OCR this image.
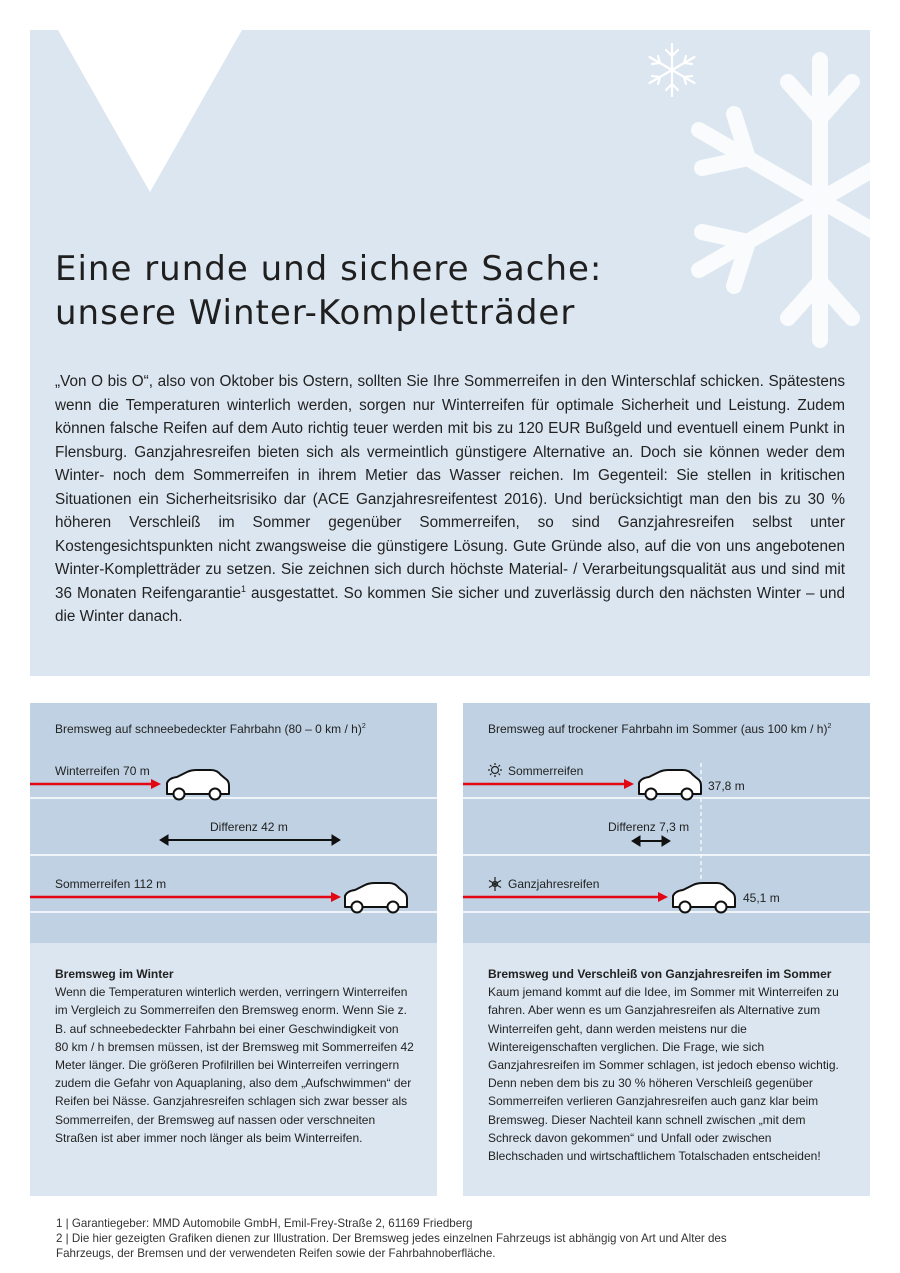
Eine runde und sichere Sache:
unsere Winter-Kompletträder

„Von O bis O“, also von Oktober bis Ostern, sollten Sie Ihre Sommerreifen in den Winterschlaf schicken. Spätestens wenn die Temperaturen winterlich werden, sorgen nur Winterreifen für optimale Sicherheit und Leistung. Zudem können falsche Reifen auf dem Auto richtig teuer werden mit bis zu 120 EUR Bußgeld und eventuell einem Punkt in Flensburg. Ganzjahresreifen bieten sich als vermeintlich günstigere Alternative an. Doch sie können weder dem Winter- noch dem Sommerreifen in ihrem Metier das Wasser reichen. Im Gegenteil: Sie stellen in kritischen Situationen ein Sicherheitsrisiko dar (ACE Ganzjahresreifentest 2016). Und berücksichtigt man den bis zu 30 % höheren Verschleiß im Sommer gegenüber Sommerreifen, so sind Ganzjahresreifen selbst unter Kostengesichtspunkten nicht zwangsweise die günstigere Lösung. Gute Gründe also, auf die von uns angebotenen Winter-Kompletträder zu setzen. Sie zeichnen sich durch höchste Material- / Verarbeitungsqualität aus und sind mit 36 Monaten Reifengarantie$^1$ ausgestattet. So kommen Sie sicher und zuverlässig durch den nächsten Winter – und die Winter danach.

Bremsweg auf schneebedeckter Fahrbahn (80 – 0 km / h)$^2$
Winterreifen 70 m
Differenz 42 m
Sommerreifen 112 m
Bremsweg im Winter

Wenn die Temperaturen winterlich werden, verringern Winterreifen im Vergleich zu Sommerreifen den Bremsweg enorm. Wenn Sie z. B. auf schneebedeckter Fahrbahn bei einer Geschwindigkeit von 80 km / h bremsen müssen, ist der Bremsweg mit Sommerreifen 42 Meter länger. Die größeren Profilrillen bei Winterreifen verringern zudem die Gefahr von Aquaplaning, also dem „Aufschwimmen“ der Reifen bei Nässe. Ganzjahresreifen schlagen sich zwar besser als Sommerreifen, der Bremsweg auf nassen oder verschneiten Straßen ist aber immer noch länger als beim Winterreifen.

Bremsweg auf trockener Fahrbahn im Sommer (aus 100 km / h)$^2$
Sommerreifen
37,8 m
Differenz 7,3 m
Ganzjahresreifen
45,1 m
Bremsweg und Verschleiß von Ganzjahresreifen im Sommer

Kaum jemand kommt auf die Idee, im Sommer mit Winterreifen zu fahren. Aber wenn es um Ganzjahresreifen als Alternative zum Winterreifen geht, dann werden meistens nur die Wintereigenschaften verglichen. Die Frage, wie sich Ganzjahresreifen im Sommer schlagen, ist jedoch ebenso wichtig. Denn neben dem bis zu 30 % höheren Verschleiß gegenüber Sommerreifen verlieren Ganzjahresreifen auch ganz klar beim Bremsweg. Dieser Nachteil kann schnell zwischen „mit dem Schreck davon gekommen“ und Unfall oder zwischen Blechschaden und wirtschaftlichem Totalschaden entscheiden!

1 | Garantiegeber: MMD Automobile GmbH, Emil-Frey-Straße 2, 61169 Friedberg

2 | Die hier gezeigten Grafiken dienen zur Illustration. Der Bremsweg jedes einzelnen Fahrzeugs ist abhängig von Art und Alter des Fahrzeugs, der Bremsen und der verwendeten Reifen sowie der Fahrbahnoberfläche.
